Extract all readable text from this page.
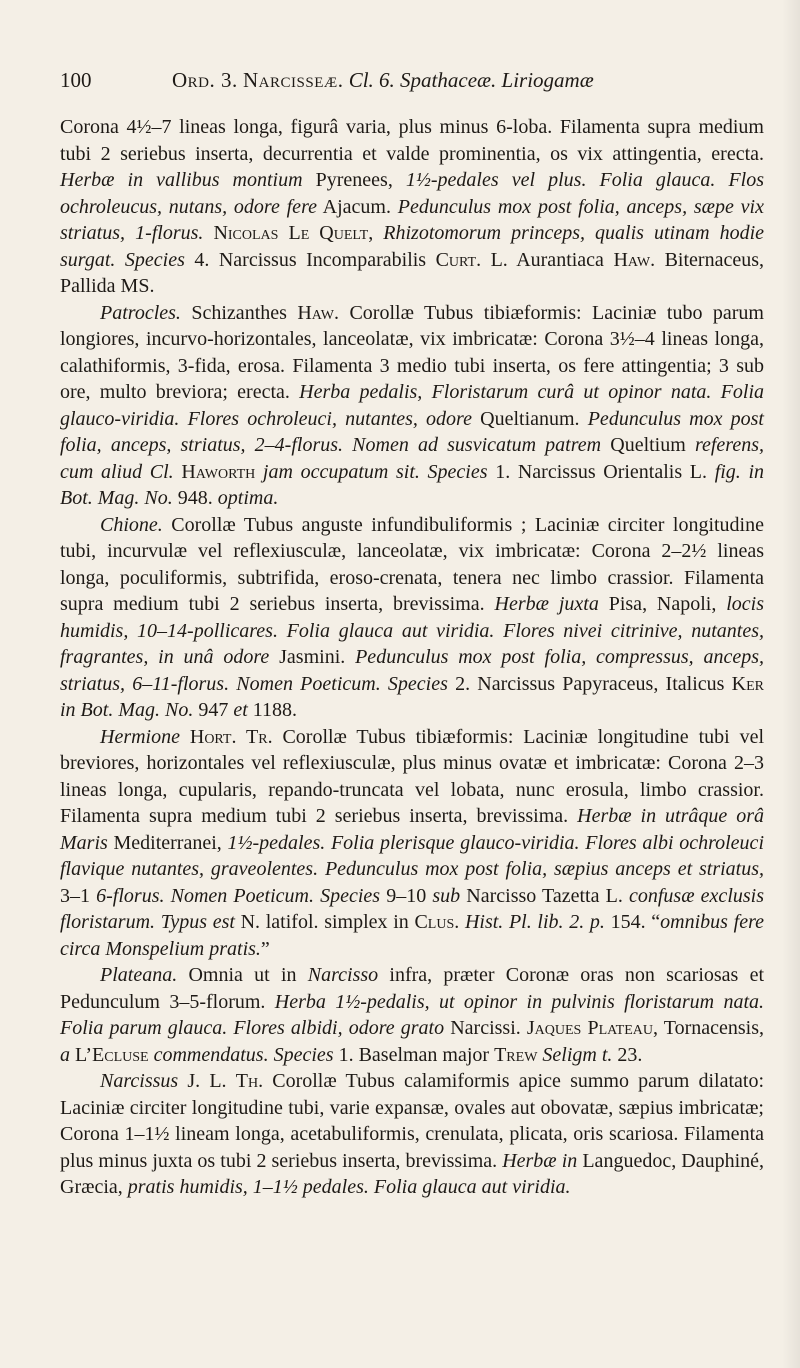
100	Ord. 3. Narcisseæ. Cl. 6. Spathaceæ. Liriogamæ

Corona 4½–7 lineas longa, figurâ varia, plus minus 6-loba. Filamenta supra medium tubi 2 seriebus inserta, decurrentia et valde prominentia, os vix attingentia, erecta. Herbæ in vallibus montium Pyrenees, 1½-pedales vel plus. Folia glauca. Flos ochroleucus, nutans, odore fere Ajacum. Pedunculus mox post folia, anceps, sæpe vix striatus, 1-florus. Nicolas Le Quelt, Rhizotomorum princeps, qualis utinam hodie surgat. Species 4. Narcissus Incomparabilis Curt. L. Aurantiaca Haw. Biternaceus, Pallida MS.

Patrocles. Schizanthes Haw. Corollæ Tubus tibiæformis: Laciniæ tubo parum longiores, incurvo-horizontales, lanceolatæ, vix imbricatæ: Corona 3½–4 lineas longa, calathiformis, 3-fida, erosa. Filamenta 3 medio tubi inserta, os fere attingentia; 3 sub ore, multo breviora; erecta. Herba pedalis, Floristarum curâ ut opinor nata. Folia glauco-viridia. Flores ochroleuci, nutantes, odore Queltianum. Pedunculus mox post folia, anceps, striatus, 2–4-florus. Nomen ad susvicatum patrem Queltium referens, cum aliud Cl. Haworth jam occupatum sit. Species 1. Narcissus Orientalis L. fig. in Bot. Mag. No. 948. optima.

Chione. Corollæ Tubus anguste infundibuliformis ; Laciniæ circiter longitudine tubi, incurvulæ vel reflexiusculæ, lanceolatæ, vix imbricatæ: Corona 2–2½ lineas longa, poculiformis, subtrifida, eroso-crenata, tenera nec limbo crassior. Filamenta supra medium tubi 2 seriebus inserta, brevissima. Herbæ juxta Pisa, Napoli, locis humidis, 10–14-pollicares. Folia glauca aut viridia. Flores nivei citrinive, nutantes, fragrantes, in unâ odore Jasmini. Pedunculus mox post folia, compressus, anceps, striatus, 6–11-florus. Nomen Poeticum. Species 2. Narcissus Papyraceus, Italicus Ker in Bot. Mag. No. 947 et 1188.

Hermione Hort. Tr. Corollæ Tubus tibiæformis: Laciniæ longitudine tubi vel breviores, horizontales vel reflexiusculæ, plus minus ovatæ et imbricatæ: Corona 2–3 lineas longa, cupularis, repando-truncata vel lobata, nunc erosula, limbo crassior. Filamenta supra medium tubi 2 seriebus inserta, brevissima. Herbæ in utrâque orâ Maris Mediterranei, 1½-pedales. Folia plerisque glauco-viridia. Flores albi ochroleuci flavique nutantes, graveolentes. Pedunculus mox post folia, sæpius anceps et striatus, 3–1 6-florus. Nomen Poeticum. Species 9–10 sub Narcisso Tazetta L. confusæ exclusis floristarum. Typus est N. latifol. simplex in Clus. Hist. Pl. lib. 2. p. 154. “omnibus fere circa Monspelium pratis.”

Plateana. Omnia ut in Narcisso infra, præter Coronæ oras non scariosas et Pedunculum 3–5-florum. Herba 1½-pedalis, ut opinor in pulvinis floristarum nata. Folia parum glauca. Flores albidi, odore grato Narcissi. Jaques Plateau, Tornacensis, a L’Ecluse commendatus. Species 1. Baselman major Trew Seligm t. 23.

Narcissus J. L. Th. Corollæ Tubus calamiformis apice summo parum dilatato: Laciniæ circiter longitudine tubi, varie expansæ, ovales aut obovatæ, sæpius imbricatæ; Corona 1–1½ lineam longa, acetabuliformis, crenulata, plicata, oris scariosa. Filamenta plus minus juxta os tubi 2 seriebus inserta, brevissima. Herbæ in Languedoc, Dauphiné, Græcia, pratis humidis, 1–1½ pedales. Folia glauca aut viridia.
